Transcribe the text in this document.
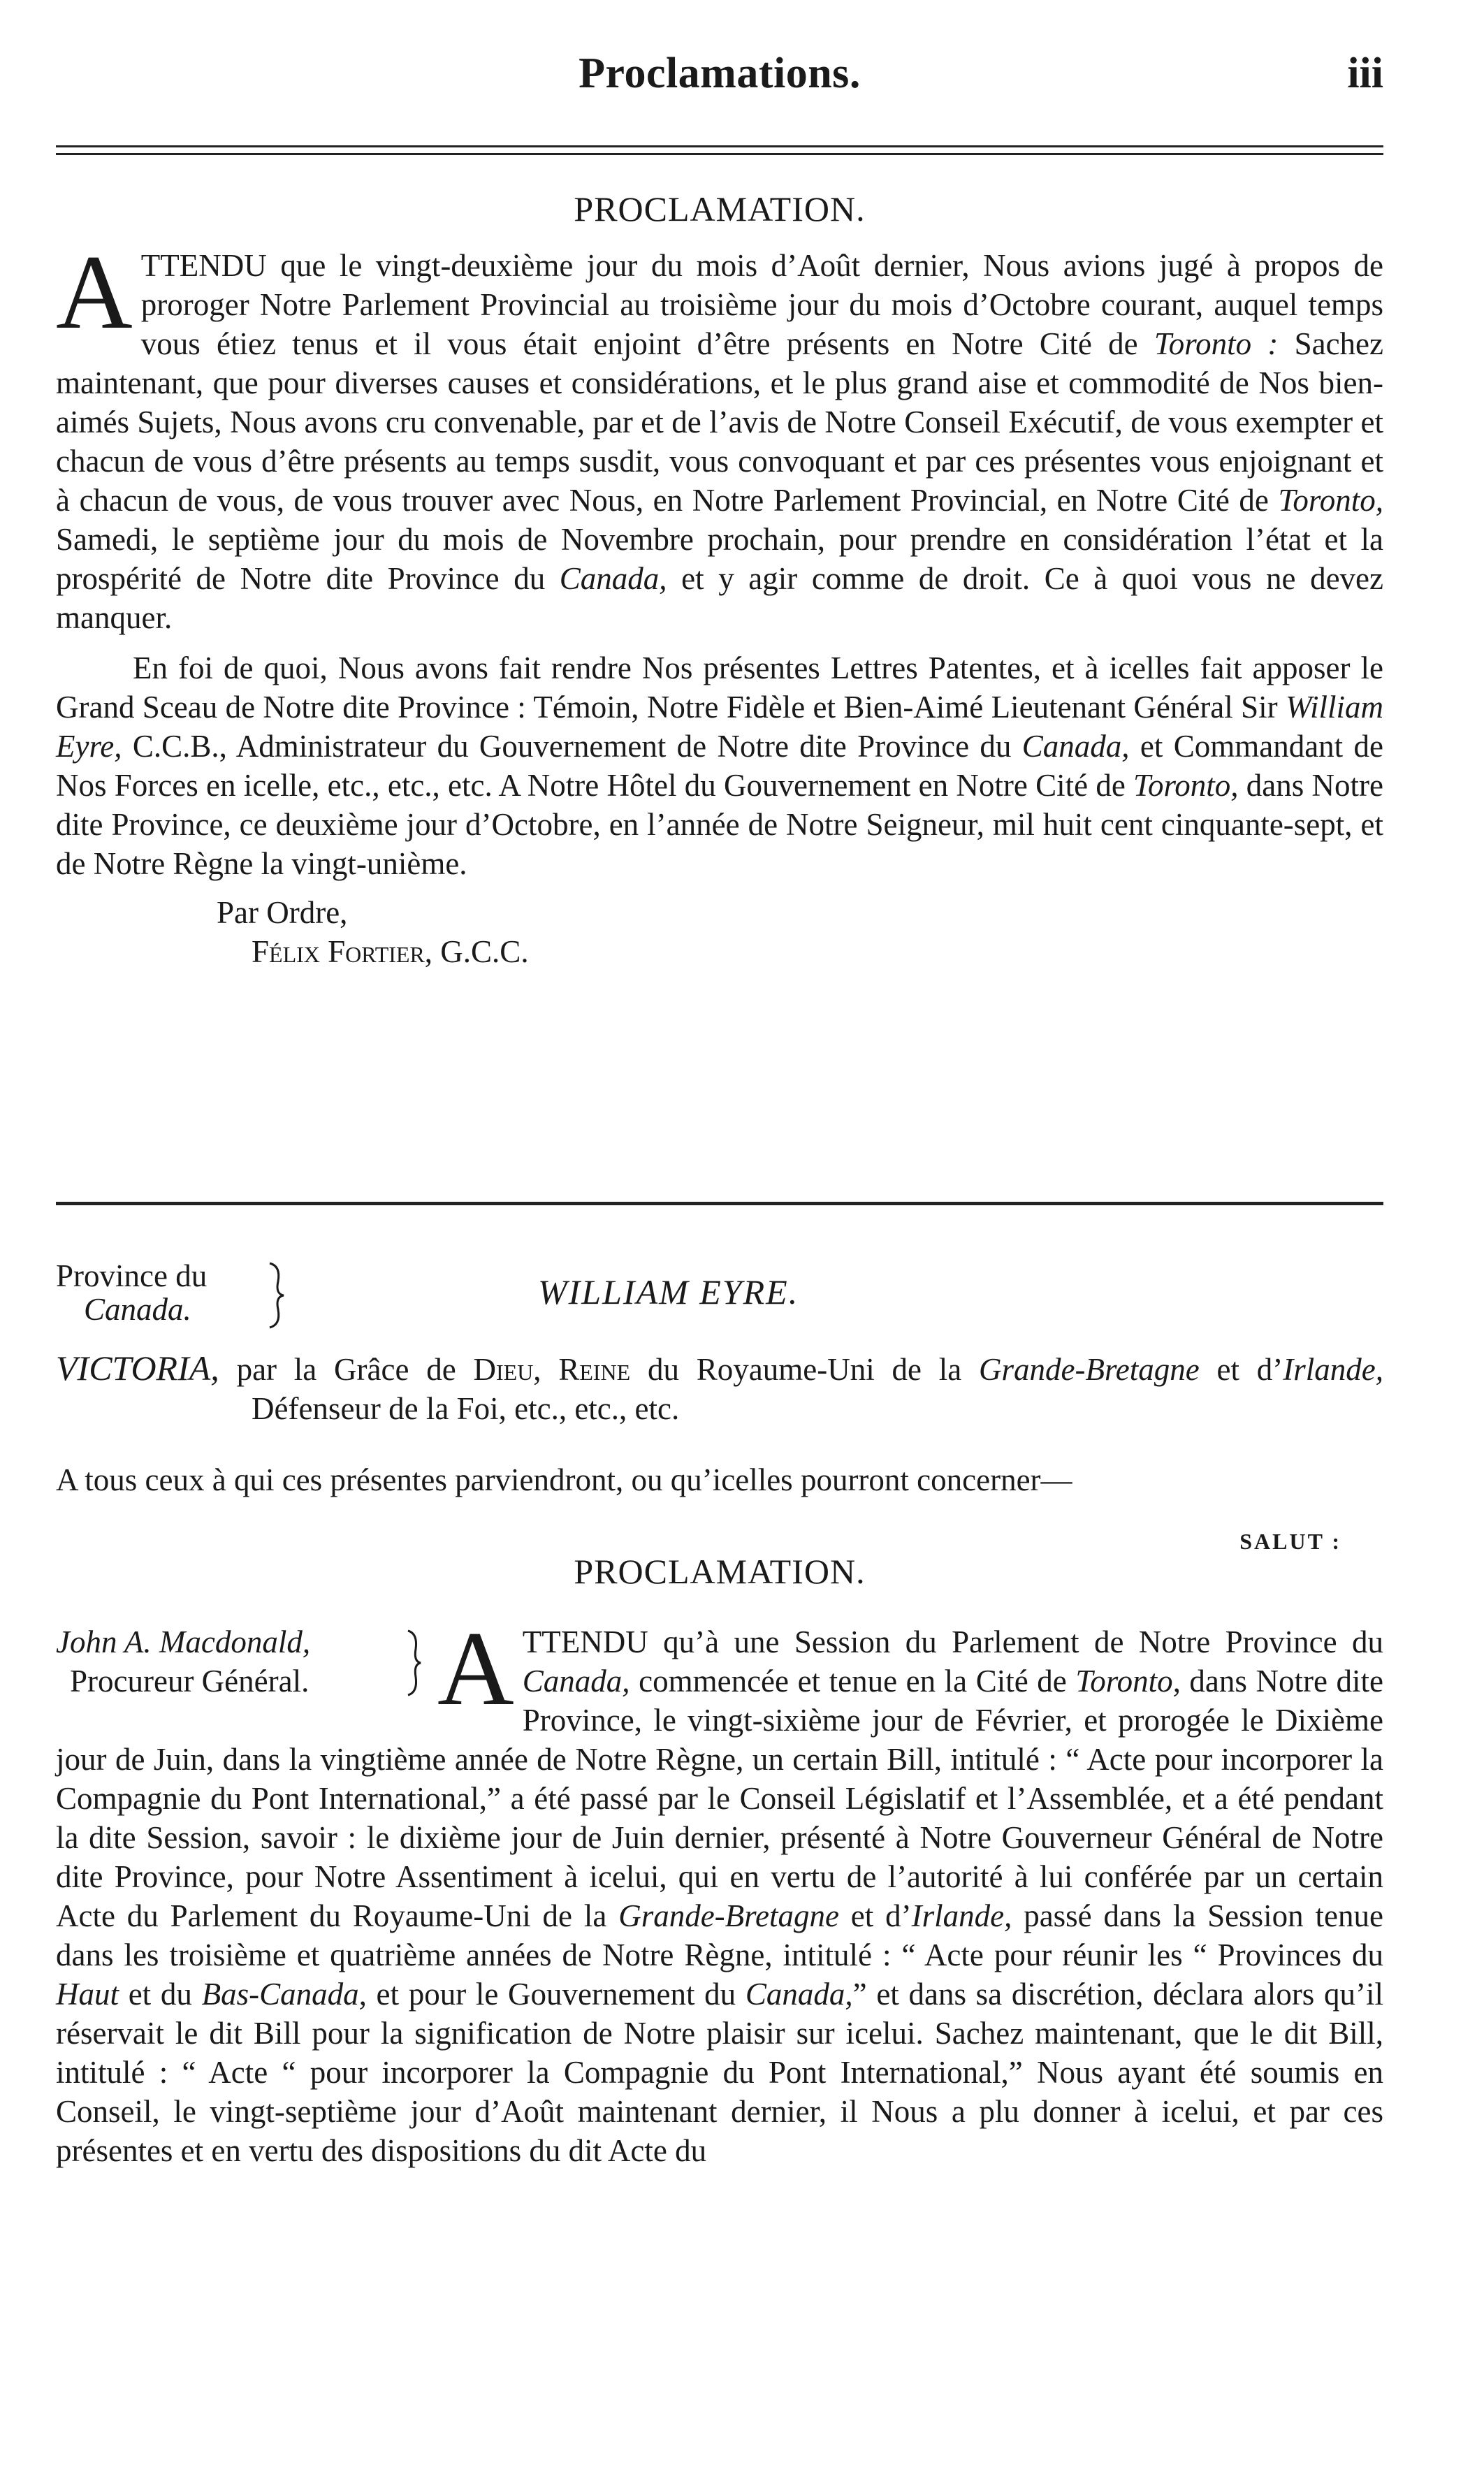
Proclamations.	iii
PROCLAMATION.

ATTENDU que le vingt-deuxième jour du mois d’Août dernier, Nous avions jugé à propos de proroger Notre Parlement Provincial au troisième jour du mois d’Octobre courant, auquel temps vous étiez tenus et il vous était enjoint d’être présents en Notre Cité de Toronto : Sachez maintenant, que pour diverses causes et considérations, et le plus grand aise et commodité de Nos bien-aimés Sujets, Nous avons cru convenable, par et de l’avis de Notre Conseil Exécutif, de vous exempter et chacun de vous d’être présents au temps susdit, vous convoquant et par ces présentes vous enjoignant et à chacun de vous, de vous trouver avec Nous, en Notre Parlement Provincial, en Notre Cité de Toronto, Samedi, le septième jour du mois de Novembre prochain, pour prendre en considération l’état et la prospérité de Notre dite Province du Canada, et y agir comme de droit. Ce à quoi vous ne devez manquer.

En foi de quoi, Nous avons fait rendre Nos présentes Lettres Patentes, et à icelles fait apposer le Grand Sceau de Notre dite Province : Témoin, Notre Fidèle et Bien-Aimé Lieutenant Général Sir William Eyre, C.C.B., Administrateur du Gouvernement de Notre dite Province du Canada, et Commandant de Nos Forces en icelle, etc., etc., etc. A Notre Hôtel du Gouvernement en Notre Cité de Toronto, dans Notre dite Province, ce deuxième jour d’Octobre, en l’année de Notre Seigneur, mil huit cent cinquante-sept, et de Notre Règne la vingt-unième.

Par Ordre,
Félix Fortier, G.C.C.
Province du
Canada.	WILLIAM EYRE.

VICTORIA, par la Grâce de Dieu, Reine du Royaume-Uni de la Grande-Bretagne et d’Irlande, Défenseur de la Foi, etc., etc., etc.

A tous ceux à qui ces présentes parviendront, ou qu’icelles pourront concerner—

SALUT :
PROCLAMATION.
John A. Macdonald,
Procureur Général.	ATTENDU qu’à une Session du Parlement de Notre Province du Canada, commencée et tenue en la Cité de Toronto, dans Notre dite Province, le vingt-sixième jour de Février, et prorogée le Dixième jour de Juin, dans la vingtième année de Notre Règne, un certain Bill, intitulé : “ Acte pour incorporer la Compagnie du Pont International,” a été passé par le Conseil Législatif et l’Assemblée, et a été pendant la dite Session, savoir : le dixième jour de Juin dernier, présenté à Notre Gouverneur Général de Notre dite Province, pour Notre Assentiment à icelui, qui en vertu de l’autorité à lui conférée par un certain Acte du Parlement du Royaume-Uni de la Grande-Bretagne et d’Irlande, passé dans la Session tenue dans les troisième et quatrième années de Notre Règne, intitulé : “ Acte pour réunir les “ Provinces du Haut et du Bas-Canada, et pour le Gouvernement du Canada,” et dans sa discrétion, déclara alors qu’il réservait le dit Bill pour la signification de Notre plaisir sur icelui. Sachez maintenant, que le dit Bill, intitulé : “ Acte “ pour incorporer la Compagnie du Pont International,” Nous ayant été soumis en Conseil, le vingt-septième jour d’Août maintenant dernier, il Nous a plu donner à icelui, et par ces présentes et en vertu des dispositions du dit Acte du
